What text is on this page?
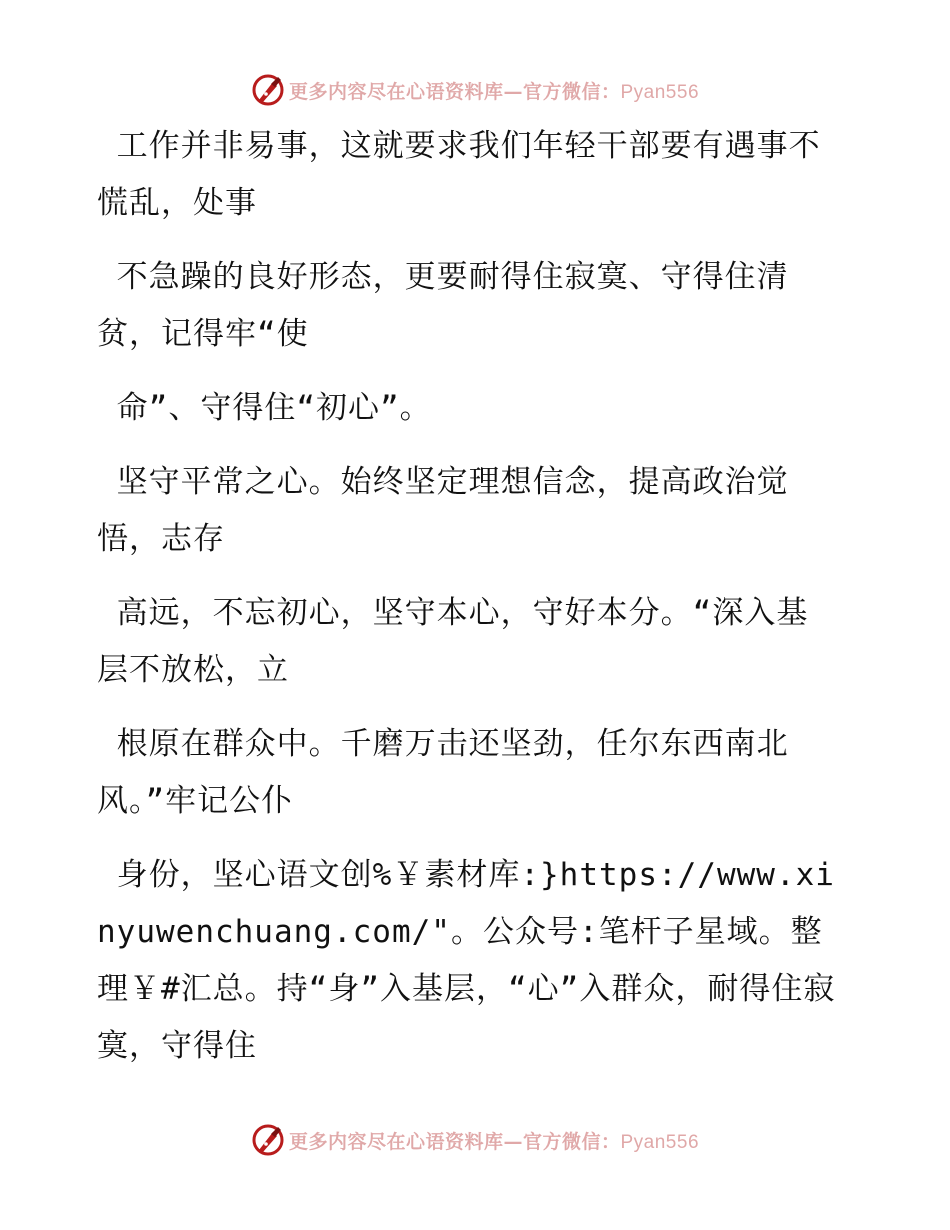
更多内容尽在心语资料库—官方微信：Pyan556

工作并非易事，这就要求我们年轻干部要有遇事不慌乱，处事

不急躁的良好形态，更要耐得住寂寞、守得住清贫，记得牢“使

命”、守得住“初心”。

坚守平常之心。始终坚定理想信念，提高政治觉悟，志存

高远，不忘初心，坚守本心，守好本分。“深入基层不放松，立

根原在群众中。千磨万击还坚劲，任尔东西南北风。”牢记公仆

身份，坚心语文创%￥素材库:}https://www.xinyuwenchuang.com/"。公众号:笔杆子星域。整理￥#汇总。持“身”入基层，“心”入群众，耐得住寂寞，守得住

更多内容尽在心语资料库—官方微信：Pyan556
